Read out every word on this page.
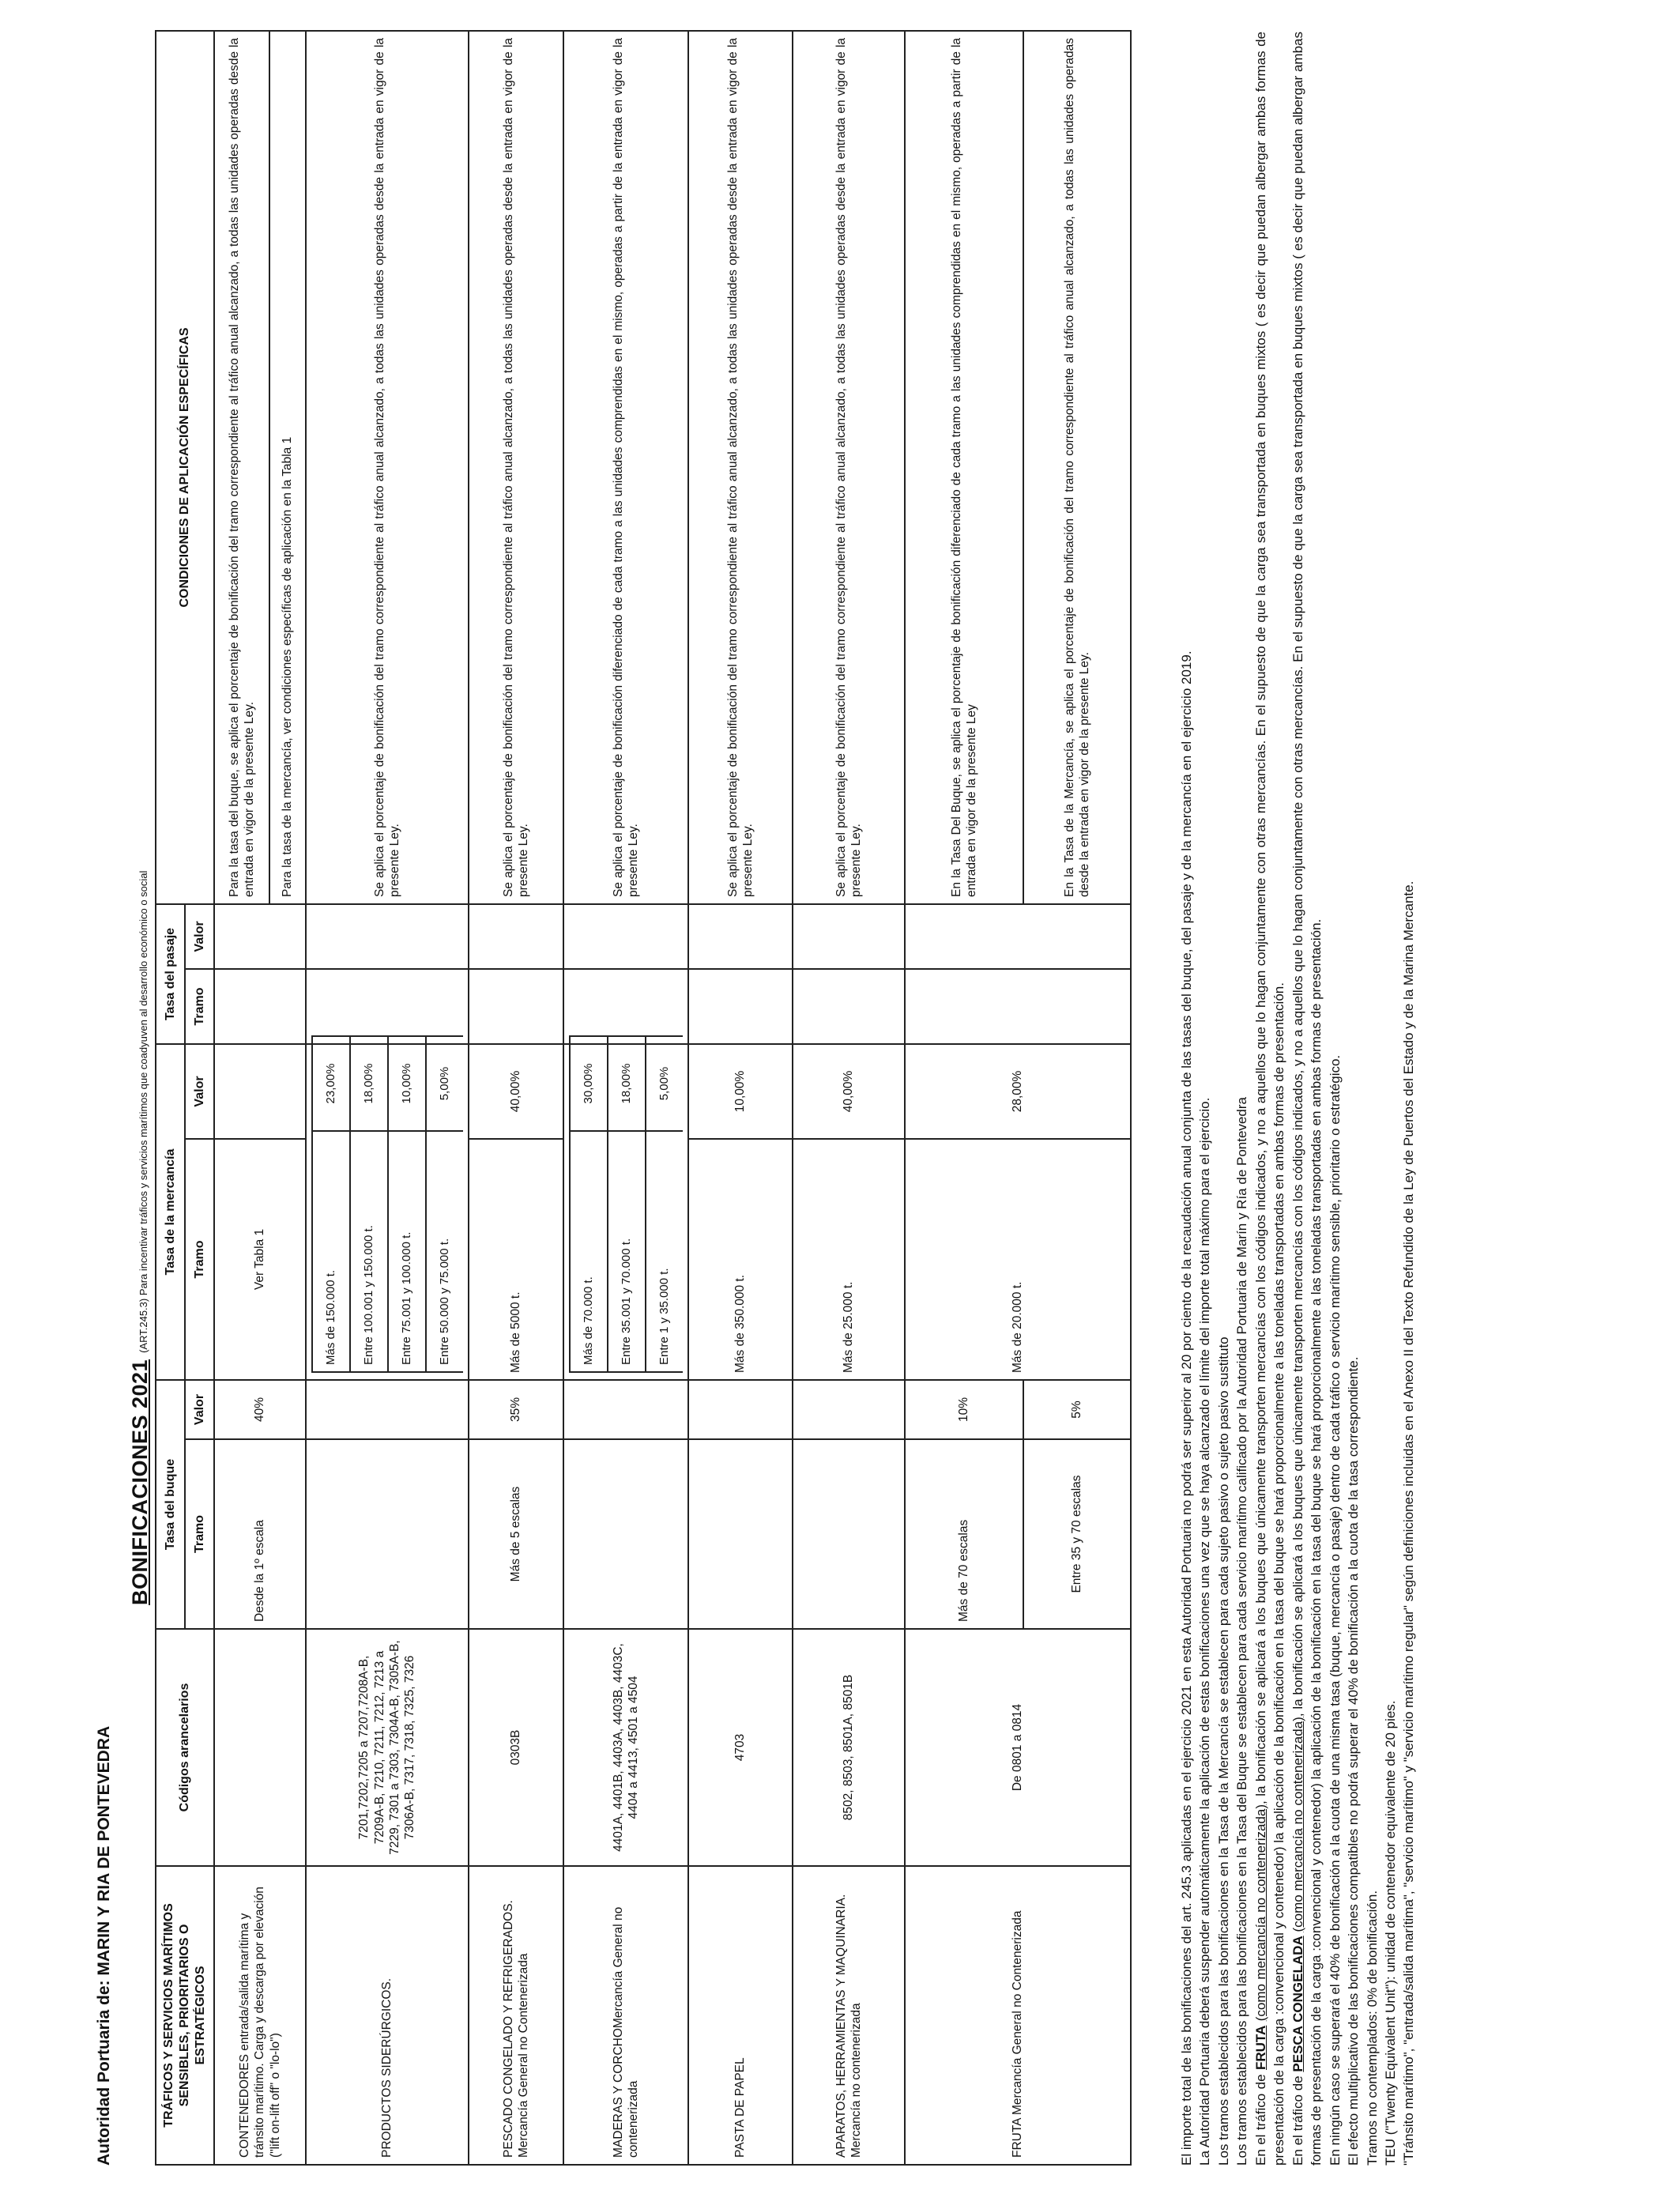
Autoridad Portuaria de: MARIN Y RIA DE PONTEVEDRA
BONIFICACIONES 2021 (ART.245.3) Para incentivar tráficos y servicios marítimos que coadyuven al desarrollo económico o social
TRÁFICOS Y SERVICIOS MARÍTIMOS SENSIBLES, PRIORITARIOS O ESTRATÉGICOS	Códigos arancelarios	Tasa del buque	Tasa de la mercancía	Tasa del pasaje	CONDICIONES DE APLICACIÓN ESPECÍFICAS
Tramo	Valor	Tramo	Valor	Tramo	Valor
CONTENEDORES entrada/salida marítima y tránsito marítimo. Carga y descarga por elevación ("lift on-lift off" o "lo-lo")		Desde la 1º escala	40%	Ver Tabla 1				Para la tasa del buque, se aplica el porcentaje de bonificación del tramo correspondiente al tráfico anual alcanzado, a todas las unidades operadas desde la entrada en vigor de la presente Ley.
Para la tasa de la mercancía, ver condiciones específicas de aplicación en la Tabla 1
PRODUCTOS SIDERÚRGICOS.	7201,7202,7205 a 7207,7208A-B, 7209A-B, 7210, 7211, 7212, 7213 a 7229, 7301 a 7303, 7304A-B, 7305A-B, 7306A-B, 7317, 7318, 7325, 7326			
Más de 150.000 t.	23,00%
Entre 100.001 y 150.000 t.	18,00%
Entre 75.001 y 100.000 t.	10,00%
Entre 50.000 y 75.000 t.	5,00%
			Se aplica el porcentaje de bonificación del tramo correspondiente al tráfico anual alcanzado, a todas las unidades operadas desde la entrada en vigor de la presente Ley.
PESCADO CONGELADO Y REFRIGERADOS. Mercancía General no Contenerizada	0303B	Más de 5 escalas	35%	Más de 5000 t.	40,00%			Se aplica el porcentaje de bonificación del tramo correspondiente al tráfico anual alcanzado, a todas las unidades operadas desde la entrada en vigor de la presente Ley.
MADERAS Y CORCHOMercancía General no contenerizada	4401A, 4401B, 4403A, 4403B, 4403C, 4404 a 4413, 4501 a 4504			
Más de 70.000 t.	30,00%
Entre 35.001 y 70.000 t.	18,00%
Entre 1 y 35.000 t.	5,00%
			Se aplica el porcentaje de bonificación diferenciado de cada tramo a las unidades comprendidas en el mismo, operadas a partir de la entrada en vigor de la presente Ley.
PASTA DE PAPEL	4703			Más de 350.000 t.	10,00%			Se aplica el porcentaje de bonificación del tramo correspondiente al tráfico anual alcanzado, a todas las unidades operadas desde la entrada en vigor de la presente Ley.
APARATOS, HERRAMIENTAS Y MAQUINARIA. Mercancía no contenerizada	8502, 8503, 8501A, 8501B			Más de 25.000 t.	40,00%			Se aplica el porcentaje de bonificación del tramo correspondiente al tráfico anual alcanzado, a todas las unidades operadas desde la entrada en vigor de la presente Ley.
FRUTA Mercancía General no Contenerizada	De 0801 a 0814	Más de 70 escalas	10%	Más de 20.000 t.	28,00%			En la Tasa Del Buque, se aplica el porcentaje de bonificación diferenciado de cada tramo a las unidades comprendidas en el mismo, operadas a partir de la entrada en vigor de la presente Ley
Entre 35 y 70 escalas	5%	En la Tasa de la Mercancía, se aplica el porcentaje de bonificación del tramo correspondiente al tráfico anual alcanzado, a todas las unidades operadas desde la entrada en vigor de la presente Ley.	El importe total de las bonificaciones del art. 245.3 aplicadas en el ejercicio 2021 en esta Autoridad Portuaria no podrá ser superior al 20 por ciento de la recaudación anual conjunta de las tasas del buque, del pasaje y de la mercancía en el ejercicio 2019. La Autoridad Portuaria deberá suspender automáticamente la aplicación de estas bonificaciones una vez que se haya alcanzado el límite del importe total máximo para el ejercicio. Los tramos establecidos para las bonificaciones en la Tasa de la Mercancía se establecen para cada sujeto pasivo o sujeto pasivo sustituto Los tramos establecidos para las bonificaciones en la Tasa del Buque se establecen para cada servicio marítimo calificado por la Autoridad Portuaria de Marín y Ría de Pontevedra En el tráfico de FRUTA (como mercancía no contenerizada), la bonificación se aplicará a los buques que únicamente transporten mercancías con los códigos indicados, y no a aquellos que lo hagan conjuntamente con otras mercancías. En el supuesto de que la carga sea transportada en buques mixtos ( es decir que puedan albergar ambas formas de presentación de la carga :convencional y contenedor) la aplicación de la bonificación en la tasa del buque se hará proporcionalmente a las toneladas transportadas en ambas formas de presentación. En el tráfico de PESCA CONGELADA (como mercancía no contenerizada), la bonificación se aplicará a los buques que únicamente transporten mercancías con los códigos indicados, y no a aquellos que lo hagan conjuntamente con otras mercancías. En el supuesto de que la carga sea transportada en buques mixtos ( es decir que puedan albergar ambas formas de presentación de la carga :convencional y contenedor) la aplicación de la bonificación en la tasa del buque se hará proporcionalmente a las toneladas transportadas en ambas formas de presentación. En ningún caso se superará el 40% de bonificación a la cuota de una misma tasa (buque, mercancía o pasaje) dentro de cada tráfico o servicio marítimo sensible, prioritario o estratégico. El efecto multiplicativo de las bonificaciones compatibles no podrá superar el 40% de bonificación a la cuota de la tasa correspondiente. Tramos no contemplados: 0% de bonificación. TEU ("Twenty Equivalent Unit"): unidad de contenedor equivalente de 20 pies. "Tránsito marítimo", "entrada/salida marítima", "servicio marítimo" y "servicio marítimo regular" según definiciones incluidas en el Anexo II del Texto Refundido de la Ley de Puertos del Estado y de la Marina Mercante.
